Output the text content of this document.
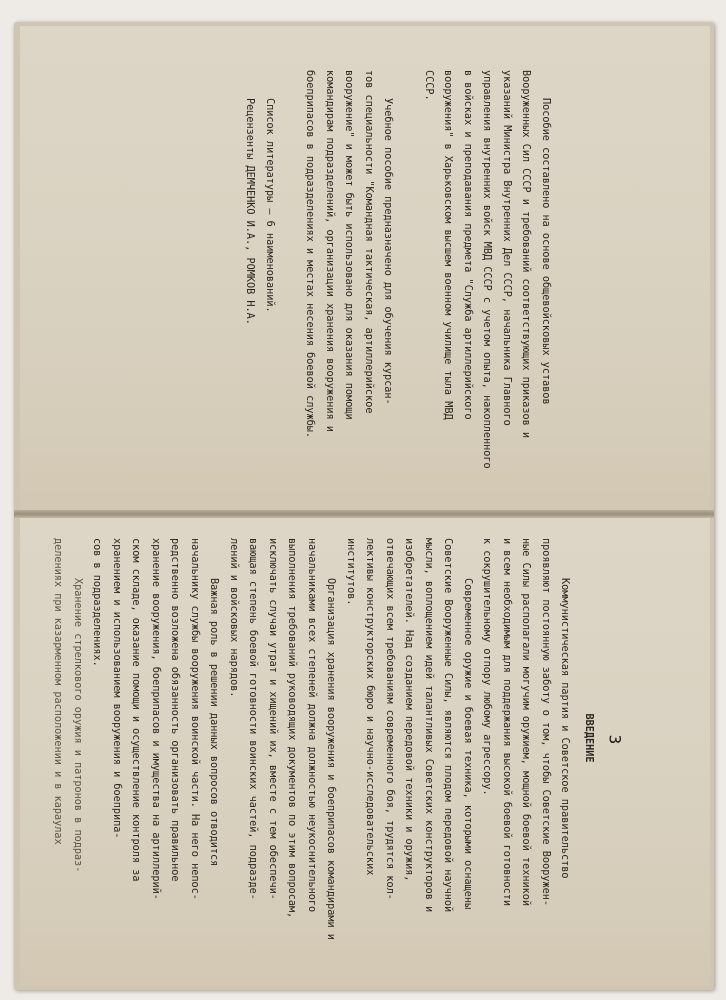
Пособие составлено на основе общевойсковых уставов
Вооруженных Сил СССР и требований соответствующих приказов и
указаний Министра Внутренних Дел СССР, начальника Главного
управления внутренних войск МВД СССР с учетом опыта, накопленного
в войсках и преподавания предмета "Служба артиллерийского
вооружения" в Харьковском высшем военном училище тыла МВД
СССР.
Учебное пособие предназначено для обучения курсан-
тов специальности "Командная тактическая, артиллерийское
вооружение" и может быть использовано для оказания помощи
командирам подразделений, организации хранения вооружения и
боеприпасов в подразделениях и местах несения боевой службы.
Список литературы – 6 наименований.
Рецензенты ДЕМЧЕНКО И.А., РОМКОВ Н.А.
3
ВВЕДЕНИЕ
Коммунистическая партия и Советское правительство
проявляют постоянную заботу о том, чтобы Советские Вооружен-
ные Силы располагали могучим оружием, мощной боевой техникой
и всем необходимым для поддержания высокой боевой готовности
к сокрушительному отпору любому агрессору.
Современное оружие и боевая техника, которыми оснащены
Советские Вооруженные Силы, являются плодом передовой научной
мысли, воплощением идей талантливых Советских конструкторов и
изобретателей. Над созданием передовой техники и оружия,
отвечающих всем требованиям современного боя, трудятся кол-
лективы конструкторских бюро и научно-исследовательских
институтов.
Организация хранения вооружения и боеприпасов командирами и
начальниками всех степеней должна должностью неукоснительного
выполнения требований руководящих документов по этим вопросам,
исключать случаи утрат и хищений их, вместе с тем обеспечи-
вающая степень боевой готовности воинских частей, подразде-
лений и войсковых нарядов.
Важная роль в решении данных вопросов отводится
начальнику службы вооружения воинской части. На него непос-
редственно возложена обязанность организовать правильное
хранение вооружения, боеприпасов и имущества на артиллерий-
ском складе, оказание помощи и осуществление контроля за
хранением и использованием вооружения и боеприпа-
сов в подразделениях.
Хранение стрелкового оружия и патронов в подраз-
делениях при казарменном расположении и в караулах
